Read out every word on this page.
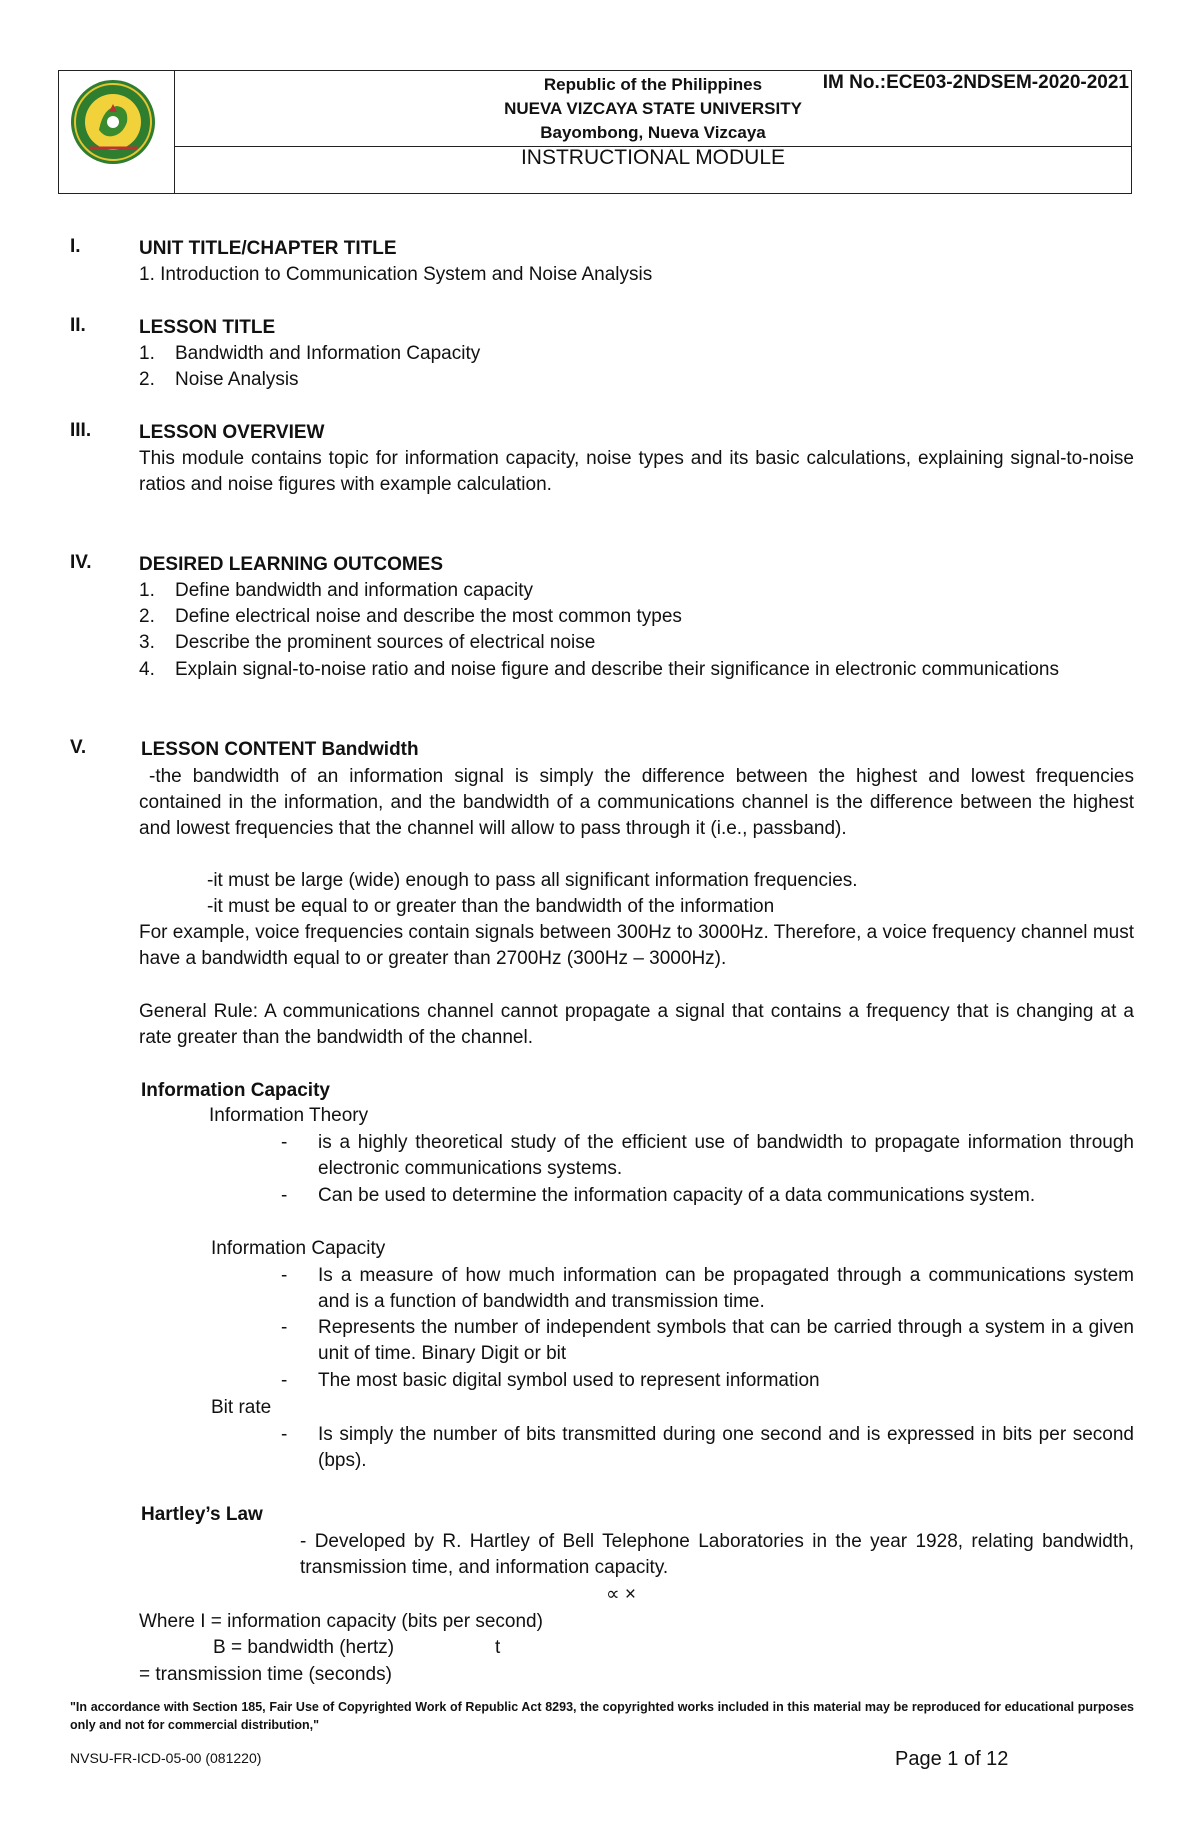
Republic of the Philippines	IM No.:ECE03-2NDSEM-2020-2021
NUEVA VIZCAYA STATE UNIVERSITY
Bayombong, Nueva Vizcaya
INSTRUCTIONAL MODULE
I.	UNIT TITLE/CHAPTER TITLE
1. Introduction to Communication System and Noise Analysis
II.	LESSON TITLE
1. Bandwidth and Information Capacity
2. Noise Analysis
III.	LESSON OVERVIEW
This module contains topic for information capacity, noise types and its basic calculations, explaining signal-to-noise ratios and noise figures with example calculation.
IV.	DESIRED LEARNING OUTCOMES
1. Define bandwidth and information capacity
2. Define electrical noise and describe the most common types
3. Describe the prominent sources of electrical noise
4. Explain signal-to-noise ratio and noise figure and describe their significance in electronic communications
V.	LESSON CONTENT Bandwidth
-the bandwidth of an information signal is simply the difference between the highest and lowest frequencies contained in the information, and the bandwidth of a communications channel is the difference between the highest and lowest frequencies that the channel will allow to pass through it (i.e., passband).
-it must be large (wide) enough to pass all significant information frequencies.
-it must be equal to or greater than the bandwidth of the information
For example, voice frequencies contain signals between 300Hz to 3000Hz. Therefore, a voice frequency channel must have a bandwidth equal to or greater than 2700Hz (300Hz – 3000Hz).
General Rule: A communications channel cannot propagate a signal that contains a frequency that is changing at a rate greater than the bandwidth of the channel.
Information Capacity
Information Theory
- is a highly theoretical study of the efficient use of bandwidth to propagate information through electronic communications systems.
- Can be used to determine the information capacity of a data communications system.
Information Capacity
- Is a measure of how much information can be propagated through a communications system and is a function of bandwidth and transmission time.
- Represents the number of independent symbols that can be carried through a system in a given unit of time. Binary Digit or bit
- The most basic digital symbol used to represent information
Bit rate
- Is simply the number of bits transmitted during one second and is expressed in bits per second (bps).
Hartley’s Law
- Developed by R. Hartley of Bell Telephone Laboratories in the year 1928, relating bandwidth, transmission time, and information capacity.
∝ ×
Where I = information capacity (bits per second)
B = bandwidth (hertz)	t
= transmission time (seconds)
"In accordance with Section 185, Fair Use of Copyrighted Work of Republic Act 8293, the copyrighted works included in this material may be reproduced for educational purposes only and not for commercial distribution,"
NVSU-FR-ICD-05-00 (081220)	Page 1 of 12
